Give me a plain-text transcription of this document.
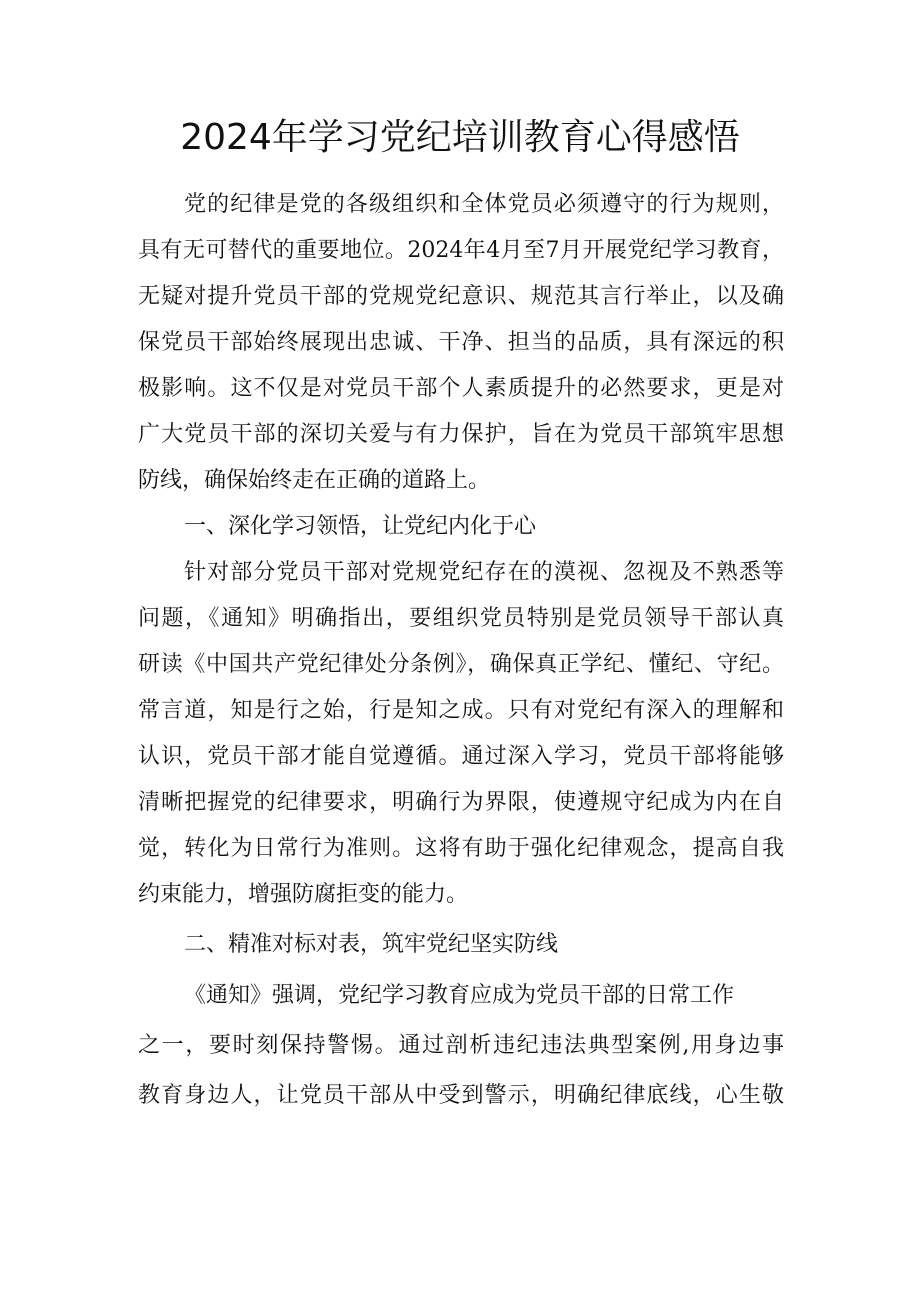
2024年学习党纪培训教育心得感悟

党的纪律是党的各级组织和全体党员必须遵守的行为规则，

具有无可替代的重要地位。2024年4月至7月开展党纪学习教育，

无疑对提升党员干部的党规党纪意识、规范其言行举止，以及确

保党员干部始终展现出忠诚、干净、担当的品质，具有深远的积

极影响。这不仅是对党员干部个人素质提升的必然要求，更是对

广大党员干部的深切关爱与有力保护，旨在为党员干部筑牢思想

防线，确保始终走在正确的道路上。

一、深化学习领悟，让党纪内化于心

针对部分党员干部对党规党纪存在的漠视、忽视及不熟悉等

问题，《通知》明确指出，要组织党员特别是党员领导干部认真

研读《中国共产党纪律处分条例》，确保真正学纪、懂纪、守纪。

常言道，知是行之始，行是知之成。只有对党纪有深入的理解和

认识，党员干部才能自觉遵循。通过深入学习，党员干部将能够

清晰把握党的纪律要求，明确行为界限，使遵规守纪成为内在自

觉，转化为日常行为准则。这将有助于强化纪律观念，提高自我

约束能力，增强防腐拒变的能力。

二、精准对标对表，筑牢党纪坚实防线

《通知》强调，党纪学习教育应成为党员干部的日常工作

之一，要时刻保持警惕。通过剖析违纪违法典型案例,用身边事

教育身边人，让党员干部从中受到警示，明确纪律底线，心生敬
